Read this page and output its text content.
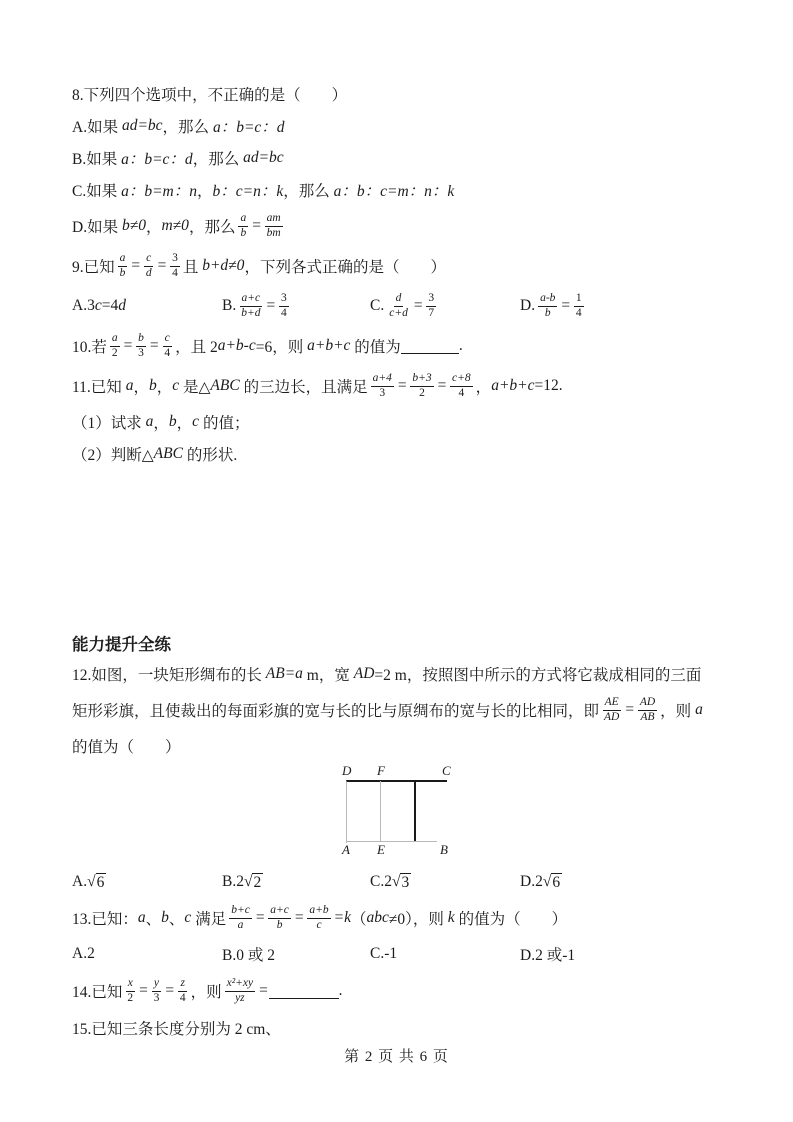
8.下列四个选项中，不正确的是（　　）
A.如果 ad=bc ，那么 a：b=c：d
B.如果 a：b=c：d ，那么 ad=bc
C.如果 a：b=m：n ， b：c=n：k ，那么 a：b：c=m：n：k
D.如果 b≠0 ， m≠0 ，那么 $\frac{a}{b} = \frac{am}{bm}$
9.已知 $\frac{a}{b} = \frac{c}{d} = \frac{3}{4}$ 且 b+d≠0 ，下列各式正确的是（　　）
A.3 c = 4 d	B. $\frac{a+c}{b+d} = \frac{3}{4}$	C. $\frac{d}{c+d} = \frac{3}{7}$	D. $\frac{a-b}{b} = \frac{1}{4}$
10.若 $\frac{a}{2} = \frac{b}{3} = \frac{c}{4}$ ，且 2 a+b-c =6，则 a+b+c 的值为	.
11.已知 a ， b ， c 是△ ABC 的三边长，且满足 $\frac{a+4}{3} = \frac{b+3}{2} = \frac{c+8}{4}$ ， a+b+c =12.
（1）试求 a ， b ， c 的值；
（2）判断△ ABC 的形状.
能力提升全练
12.如图，一块矩形绸布的长 AB=a m，宽 AD =2 m，按照图中所示的方式将它裁成相同的三面
矩形彩旗，且使裁出的每面彩旗的宽与长的比与原绸布的宽与长的比相同，即 $\frac{AE}{AD} = \frac{AD}{AB}$ ，则 a
的值为（　　）
D F	C
A E	B
A. √ 6	B. 2 √ 2	C. 2 √ 3	D. 2 √ 6
13.已知： a 、 b 、 c 满足 $\frac{b+c}{a} = \frac{a+c}{b} = \frac{a+b}{c} =k$ （ abc ≠0），则 k 的值为（　　）
A.2	B.0 或 2	C.-1	D.2 或-1
14.已知 $\frac{x}{2} = \frac{y}{3} = \frac{z}{4}$ ，则 $\frac{\text{x²+xy}}{yz}$ =	.
15.已知三条长度分别为 2 cm、
第 2 页 共 6 页
